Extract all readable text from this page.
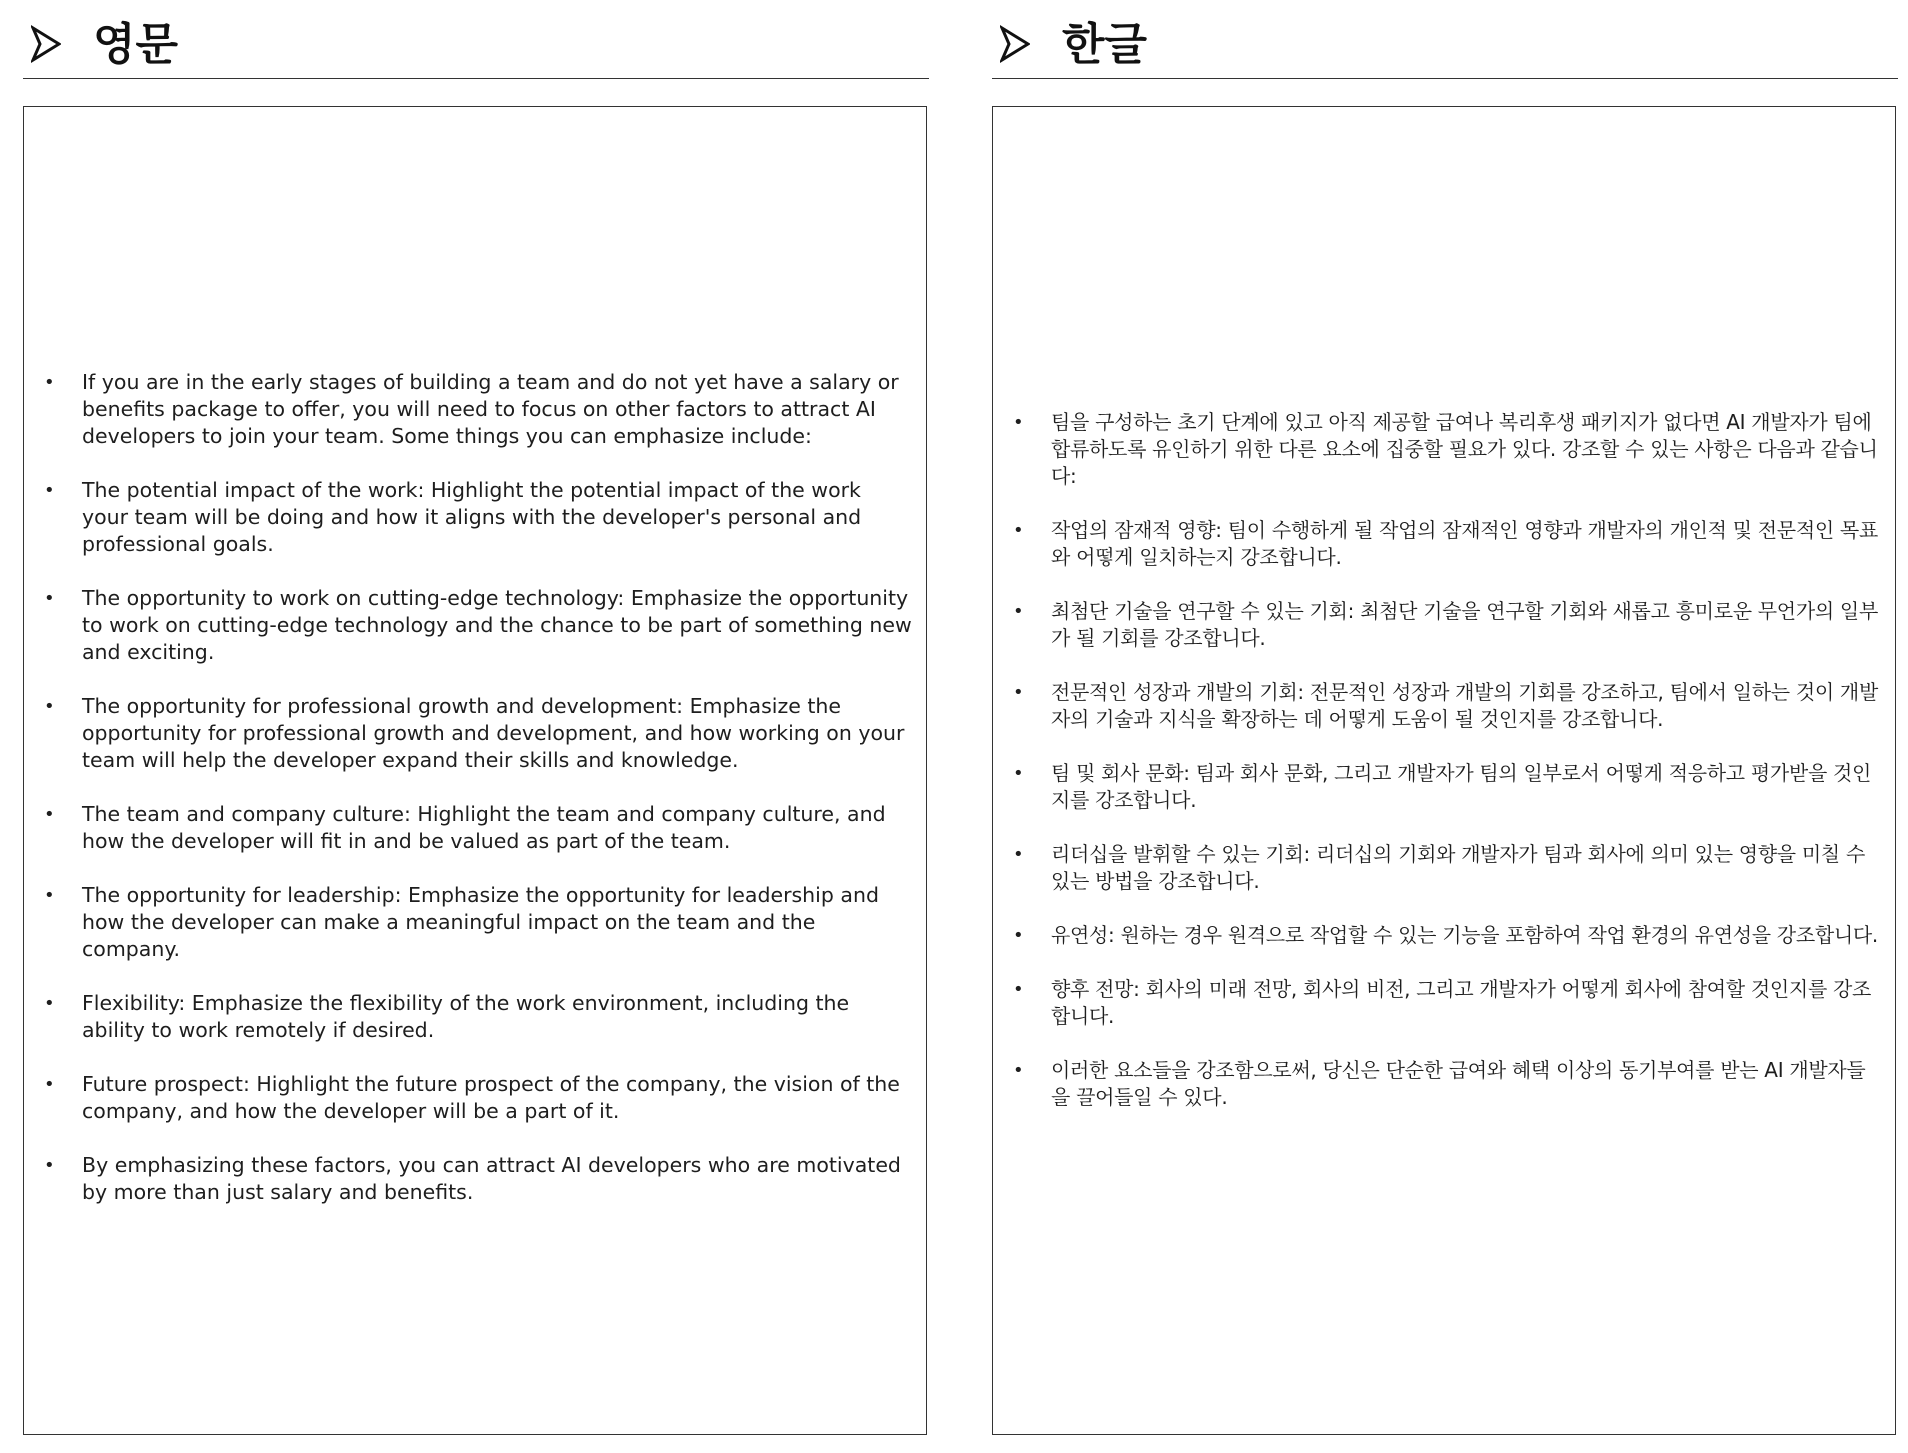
영문
• If you are in the early stages of building a team and do not yet have a salary or benefits package to offer, you will need to focus on other factors to attract AI developers to join your team. Some things you can emphasize include:
• The potential impact of the work: Highlight the potential impact of the work your team will be doing and how it aligns with the developer's personal and professional goals.
• The opportunity to work on cutting-edge technology: Emphasize the opportunity to work on cutting-edge technology and the chance to be part of something new and exciting.
• The opportunity for professional growth and development: Emphasize the opportunity for professional growth and development, and how working on your team will help the developer expand their skills and knowledge.
• The team and company culture: Highlight the team and company culture, and how the developer will fit in and be valued as part of the team.
• The opportunity for leadership: Emphasize the opportunity for leadership and how the developer can make a meaningful impact on the team and the company.
• Flexibility: Emphasize the flexibility of the work environment, including the ability to work remotely if desired.
• Future prospect: Highlight the future prospect of the company, the vision of the company, and how the developer will be a part of it.
• By emphasizing these factors, you can attract AI developers who are motivated by more than just salary and benefits.
한글
• 팀을 구성하는 초기 단계에 있고 아직 제공할 급여나 복리후생 패키지가 없다면 AI 개발자가 팀에 합류하도록 유인하기 위한 다른 요소에 집중할 필요가 있다. 강조할 수 있는 사항은 다음과 같습니다:
• 작업의 잠재적 영향: 팀이 수행하게 될 작업의 잠재적인 영향과 개발자의 개인적 및 전문적인 목표와 어떻게 일치하는지 강조합니다.
• 최첨단 기술을 연구할 수 있는 기회: 최첨단 기술을 연구할 기회와 새롭고 흥미로운 무언가의 일부가 될 기회를 강조합니다.
• 전문적인 성장과 개발의 기회: 전문적인 성장과 개발의 기회를 강조하고, 팀에서 일하는 것이 개발자의 기술과 지식을 확장하는 데 어떻게 도움이 될 것인지를 강조합니다.
• 팀 및 회사 문화: 팀과 회사 문화, 그리고 개발자가 팀의 일부로서 어떻게 적응하고 평가받을 것인지를 강조합니다.
• 리더십을 발휘할 수 있는 기회: 리더십의 기회와 개발자가 팀과 회사에 의미 있는 영향을 미칠 수 있는 방법을 강조합니다.
• 유연성: 원하는 경우 원격으로 작업할 수 있는 기능을 포함하여 작업 환경의 유연성을 강조합니다.
• 향후 전망: 회사의 미래 전망, 회사의 비전, 그리고 개발자가 어떻게 회사에 참여할 것인지를 강조합니다.
• 이러한 요소들을 강조함으로써, 당신은 단순한 급여와 혜택 이상의 동기부여를 받는 AI 개발자들을 끌어들일 수 있다.
